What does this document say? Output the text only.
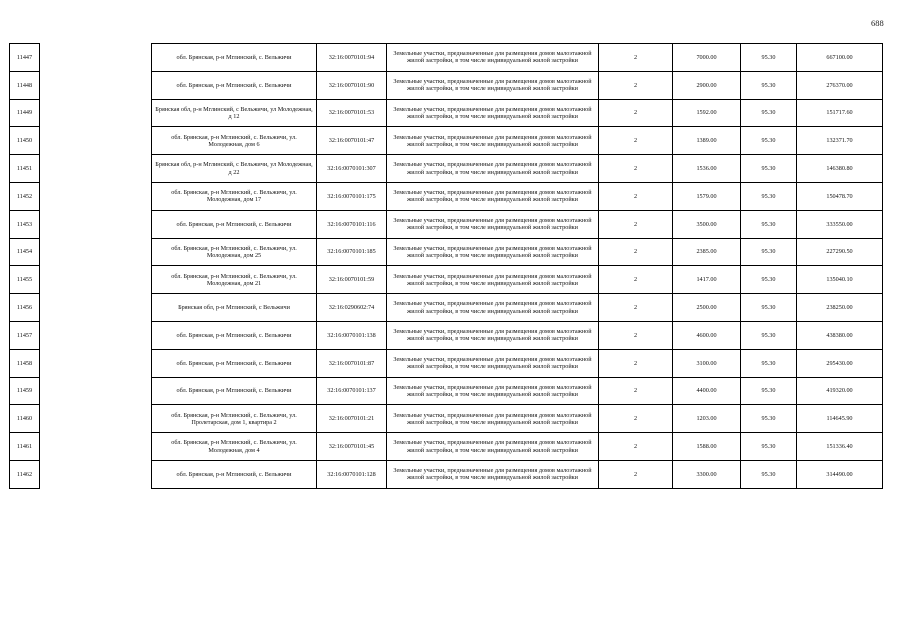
688
11447		обл. Брянская, р-н Мглинский, с. Вельжичи	32:16:0070101:94	Земельные участки, предназначенные для размещения домов малоэтажной жилой застройки, в том числе индивидуальной жилой застройки	2	7000.00	95.30	667100.00
11448		обл. Брянская, р-н Мглинский, с. Вельжичи	32:16:0070101:90	Земельные участки, предназначенные для размещения домов малоэтажной жилой застройки, в том числе индивидуальной жилой застройки	2	2900.00	95.30	276370.00
11449		Брянская обл, р-н Мглинский, с Вельжичи, ул Молодежная, д 12	32:16:0070101:53	Земельные участки, предназначенные для размещения домов малоэтажной жилой застройки, в том числе индивидуальной жилой застройки	2	1592.00	95.30	151717.60
11450		обл. Брянская, р-н Мглинский, с. Вельжичи, ул. Молодежная, дом 6	32:16:0070101:47	Земельные участки, предназначенные для размещения домов малоэтажной жилой застройки, в том числе индивидуальной жилой застройки	2	1389.00	95.30	132371.70
11451		Брянская обл, р-н Мглинский, с Вельжичи, ул Молодежная, д 22	32:16:0070101:307	Земельные участки, предназначенные для размещения домов малоэтажной жилой застройки, в том числе индивидуальной жилой застройки	2	1536.00	95.30	146380.80
11452		обл. Брянская, р-н Мглинский, с. Вельжичи, ул. Молодежная, дом 17	32:16:0070101:175	Земельные участки, предназначенные для размещения домов малоэтажной жилой застройки, в том числе индивидуальной жилой застройки	2	1579.00	95.30	150478.70
11453		обл. Брянская, р-н Мглинский, с. Вельжичи	32:16:0070101:116	Земельные участки, предназначенные для размещения домов малоэтажной жилой застройки, в том числе индивидуальной жилой застройки	2	3500.00	95.30	333550.00
11454		обл. Брянская, р-н Мглинский, с. Вельжичи, ул. Молодежная, дом 25	32:16:0070101:185	Земельные участки, предназначенные для размещения домов малоэтажной жилой застройки, в том числе индивидуальной жилой застройки	2	2385.00	95.30	227290.50
11455		обл. Брянская, р-н Мглинский, с. Вельжичи, ул. Молодежная, дом 21	32:16:0070101:59	Земельные участки, предназначенные для размещения домов малоэтажной жилой застройки, в том числе индивидуальной жилой застройки	2	1417.00	95.30	135040.10
11456		Брянская обл, р-н Мглинский, с Вельжичи	32:16:0290602:74	Земельные участки, предназначенные для размещения домов малоэтажной жилой застройки, в том числе индивидуальной жилой застройки	2	2500.00	95.30	238250.00
11457		обл. Брянская, р-н Мглинский, с. Вельжичи	32:16:0070101:138	Земельные участки, предназначенные для размещения домов малоэтажной жилой застройки, в том числе индивидуальной жилой застройки	2	4600.00	95.30	438380.00
11458		обл. Брянская, р-н Мглинский, с. Вельжичи	32:16:0070101:87	Земельные участки, предназначенные для размещения домов малоэтажной жилой застройки, в том числе индивидуальной жилой застройки	2	3100.00	95.30	295430.00
11459		обл. Брянская, р-н Мглинский, с. Вельжичи	32:16:0070101:137	Земельные участки, предназначенные для размещения домов малоэтажной жилой застройки, в том числе индивидуальной жилой застройки	2	4400.00	95.30	419320.00
11460		обл. Брянская, р-н Мглинский, с. Вельжичи, ул. Пролетарская, дом 1, квартира 2	32:16:0070101:21	Земельные участки, предназначенные для размещения домов малоэтажной жилой застройки, в том числе индивидуальной жилой застройки	2	1203.00	95.30	114645.90
11461		обл. Брянская, р-н Мглинский, с. Вельжичи, ул. Молодежная, дом 4	32:16:0070101:45	Земельные участки, предназначенные для размещения домов малоэтажной жилой застройки, в том числе индивидуальной жилой застройки	2	1588.00	95.30	151336.40
11462		обл. Брянская, р-н Мглинский, с. Вельжичи	32:16:0070101:128	Земельные участки, предназначенные для размещения домов малоэтажной жилой застройки, в том числе индивидуальной жилой застройки	2	3300.00	95.30	314490.00
